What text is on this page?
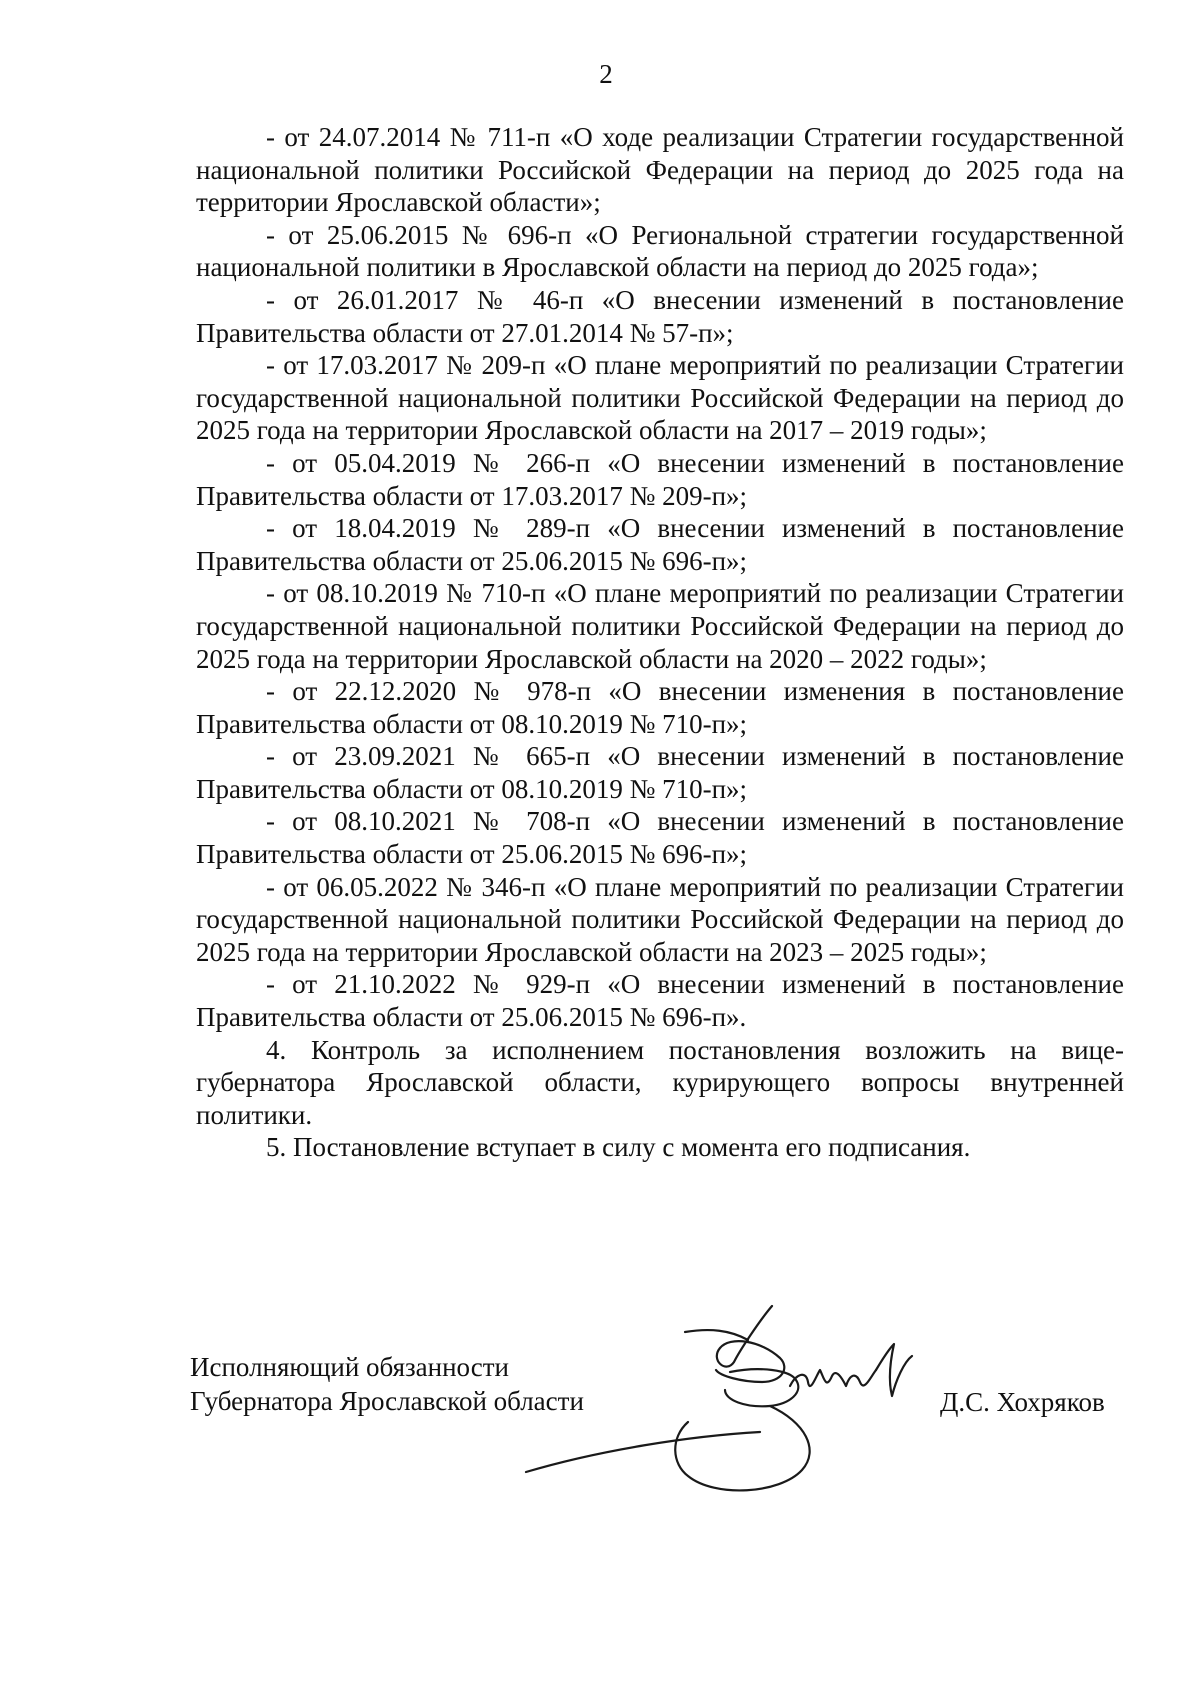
2

- от 24.07.2014 № 711-п «О ходе реализации Стратегии государственной национальной политики Российской Федерации на период до 2025 года на территории Ярославской области»;

- от 25.06.2015 № 696-п «О Региональной стратегии государственной национальной политики в Ярославской области на период до 2025 года»;

- от 26.01.2017 № 46-п «О внесении изменений в постановление Правительства области от 27.01.2014 № 57-п»;

- от 17.03.2017 № 209-п «О плане мероприятий по реализации Стратегии государственной национальной политики Российской Федерации на период до 2025 года на территории Ярославской области на 2017 – 2019 годы»;

- от 05.04.2019 № 266-п «О внесении изменений в постановление Правительства области от 17.03.2017 № 209-п»;

- от 18.04.2019 № 289-п «О внесении изменений в постановление Правительства области от 25.06.2015 № 696-п»;

- от 08.10.2019 № 710-п «О плане мероприятий по реализации Стратегии государственной национальной политики Российской Федерации на период до 2025 года на территории Ярославской области на 2020 – 2022 годы»;

- от 22.12.2020 № 978-п «О внесении изменения в постановление Правительства области от 08.10.2019 № 710-п»;

- от 23.09.2021 № 665-п «О внесении изменений в постановление Правительства области от 08.10.2019 № 710-п»;

- от 08.10.2021 № 708-п «О внесении изменений в постановление Правительства области от 25.06.2015 № 696-п»;

- от 06.05.2022 № 346-п «О плане мероприятий по реализации Стратегии государственной национальной политики Российской Федерации на период до 2025 года на территории Ярославской области на 2023 – 2025 годы»;

- от 21.10.2022 № 929-п «О внесении изменений в постановление Правительства области от 25.06.2015 № 696-п».

4. Контроль за исполнением постановления возложить на вице-губернатора Ярославской области, курирующего вопросы внутренней политики.

5. Постановление вступает в силу с момента его подписания.

Исполняющий обязанности
Губернатора Ярославской области	Д.С. Хохряков
